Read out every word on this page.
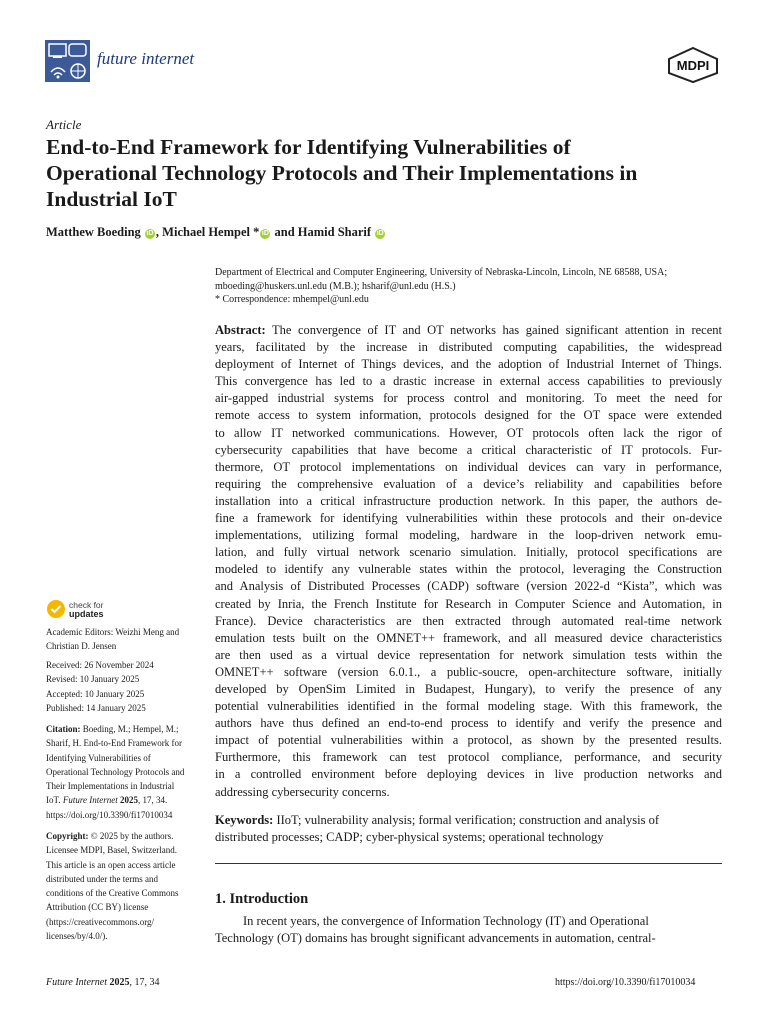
future internet	MDPI
Article
End-to-End Framework for Identifying Vulnerabilities of
Operational Technology Protocols and Their Implementations in
Industrial IoT
Matthew Boeding iD , Michael Hempel * iD and Hamid Sharif iD
Department of Electrical and Computer Engineering, University of Nebraska-Lincoln, Lincoln, NE 68588, USA;
mboeding@huskers.unl.edu (M.B.); hsharif@unl.edu (H.S.)
* Correspondence: mhempel@unl.edu
Abstract: The convergence of IT and OT networks has gained significant attention in recent
years, facilitated by the increase in distributed computing capabilities, the widespread
deployment of Internet of Things devices, and the adoption of Industrial Internet of Things.
This convergence has led to a drastic increase in external access capabilities to previously
air-gapped industrial systems for process control and monitoring. To meet the need for
remote access to system information, protocols designed for the OT space were extended
to allow IT networked communications. However, OT protocols often lack the rigor of
cybersecurity capabilities that have become a critical characteristic of IT protocols. Fur-
thermore, OT protocol implementations on individual devices can vary in performance,
requiring the comprehensive evaluation of a device’s reliability and capabilities before
installation into a critical infrastructure production network. In this paper, the authors de-
fine a framework for identifying vulnerabilities within these protocols and their on-device
implementations, utilizing formal modeling, hardware in the loop-driven network emu-
lation, and fully virtual network scenario simulation. Initially, protocol specifications are
modeled to identify any vulnerable states within the protocol, leveraging the Construction
and Analysis of Distributed Processes (CADP) software (version 2022-d “Kista”, which was
created by Inria, the French Institute for Research in Computer Science and Automation, in
France). Device characteristics are then extracted through automated real-time network
emulation tests built on the OMNET++ framework, and all measured device characteristics
are then used as a virtual device representation for network simulation tests within the
OMNET++ software (version 6.0.1., a public-soucre, open-architecture software, initially
developed by OpenSim Limited in Budapest, Hungary), to verify the presence of any
potential vulnerabilities identified in the formal modeling stage. With this framework, the
authors have thus defined an end-to-end process to identify and verify the presence and
impact of potential vulnerabilities within a protocol, as shown by the presented results.
Furthermore, this framework can test protocol compliance, performance, and security
in a controlled environment before deploying devices in live production networks and
addressing cybersecurity concerns.
Keywords: IIoT; vulnerability analysis; formal verification; construction and analysis of
distributed processes; CADP; cyber-physical systems; operational technology
1. Introduction
In recent years, the convergence of Information Technology (IT) and Operational
Technology (OT) domains has brought significant advancements in automation, central-
check for
updates
Academic Editors: Weizhi Meng and
Christian D. Jensen
Received: 26 November 2024
Revised: 10 January 2025
Accepted: 10 January 2025
Published: 14 January 2025
Citation: Boeding, M.; Hempel, M.;
Sharif, H. End-to-End Framework for
Identifying Vulnerabilities of
Operational Technology Protocols and
Their Implementations in Industrial
IoT. Future Internet 2025, 17, 34.
https://doi.org/10.3390/fi17010034
Copyright: © 2025 by the authors.
Licensee MDPI, Basel, Switzerland.
This article is an open access article
distributed under the terms and
conditions of the Creative Commons
Attribution (CC BY) license
(https://creativecommons.org/
licenses/by/4.0/).
Future Internet 2025, 17, 34	https://doi.org/10.3390/fi17010034
